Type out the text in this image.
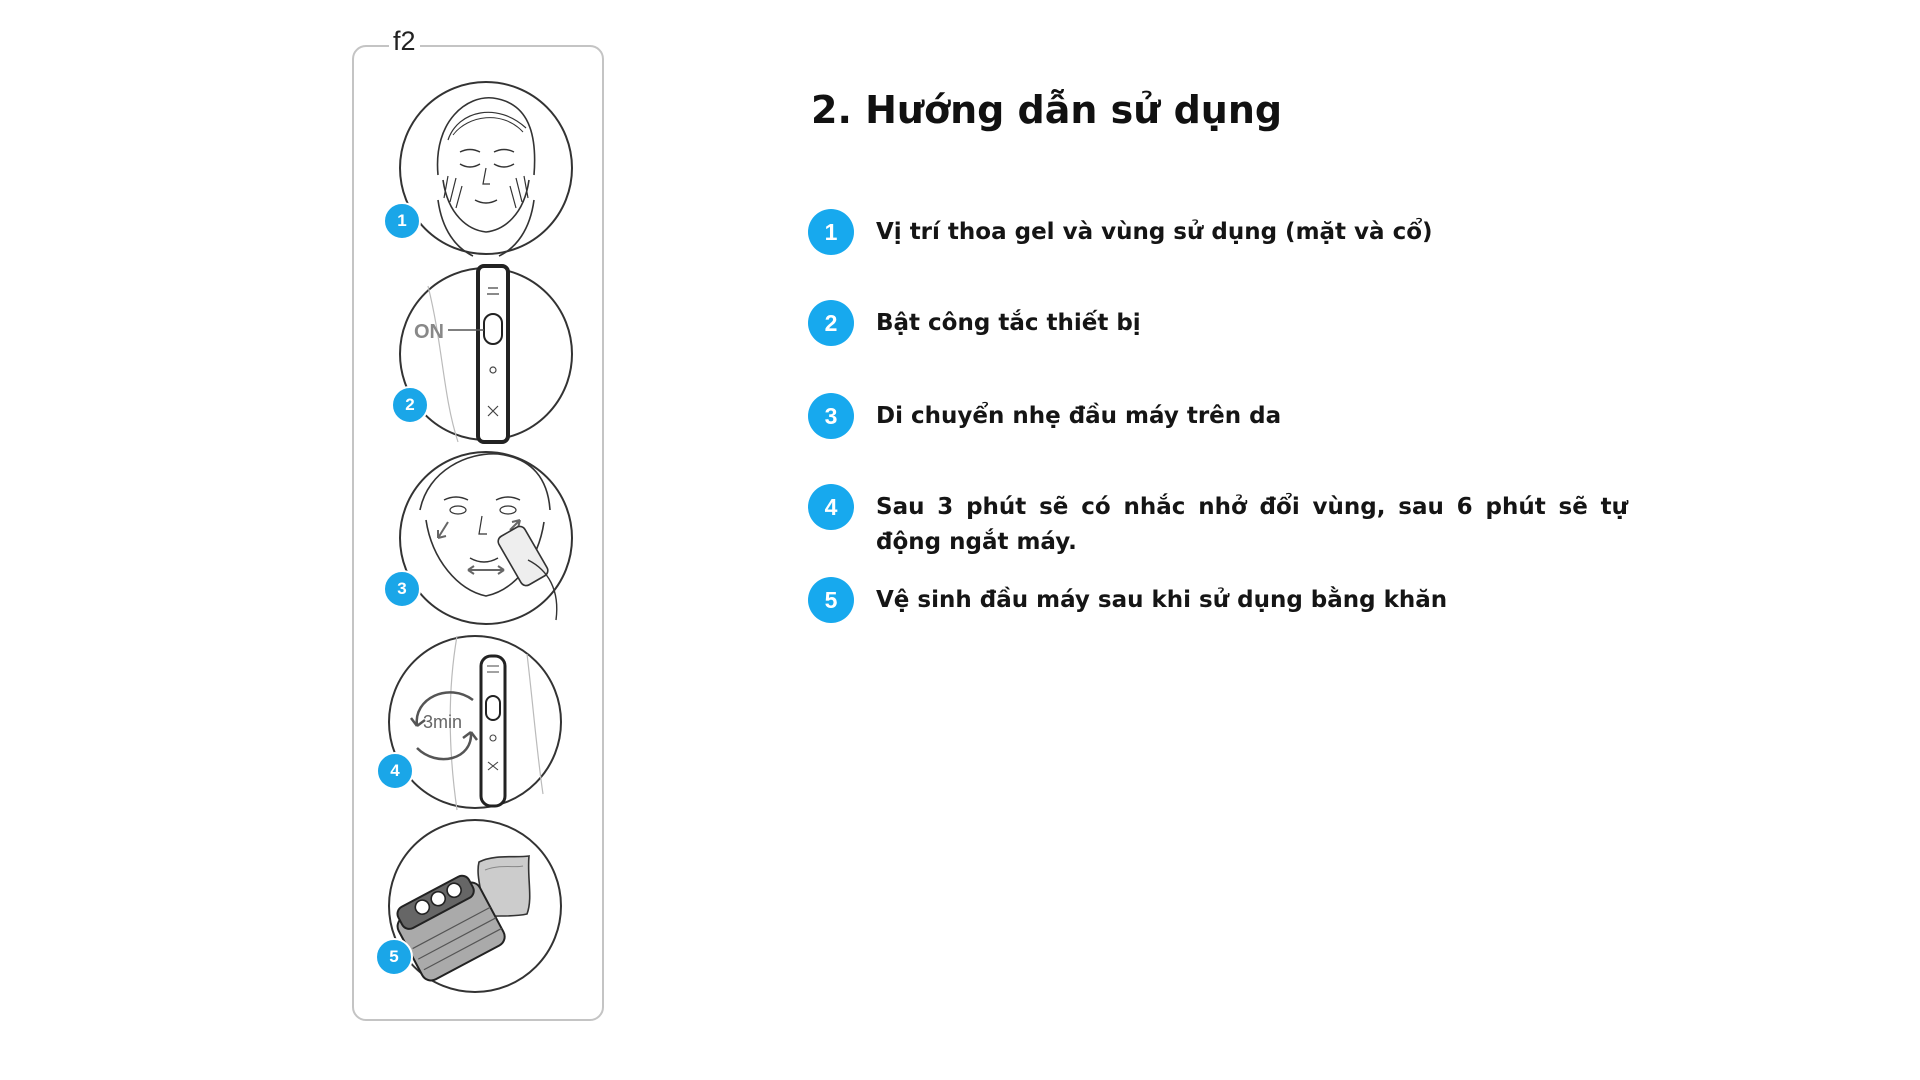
f2
1
ON
2
3
3min
4
5
2. Hướng dẫn sử dụng
1	Vị trí thoa gel và vùng sử dụng (mặt và cổ)
2	Bật công tắc thiết bị
3	Di chuyển nhẹ đầu máy trên da
4	Sau 3 phút sẽ có nhắc nhở đổi vùng, sau 6 phút sẽ tự động ngắt máy.
5	Vệ sinh đầu máy sau khi sử dụng bằng khăn
